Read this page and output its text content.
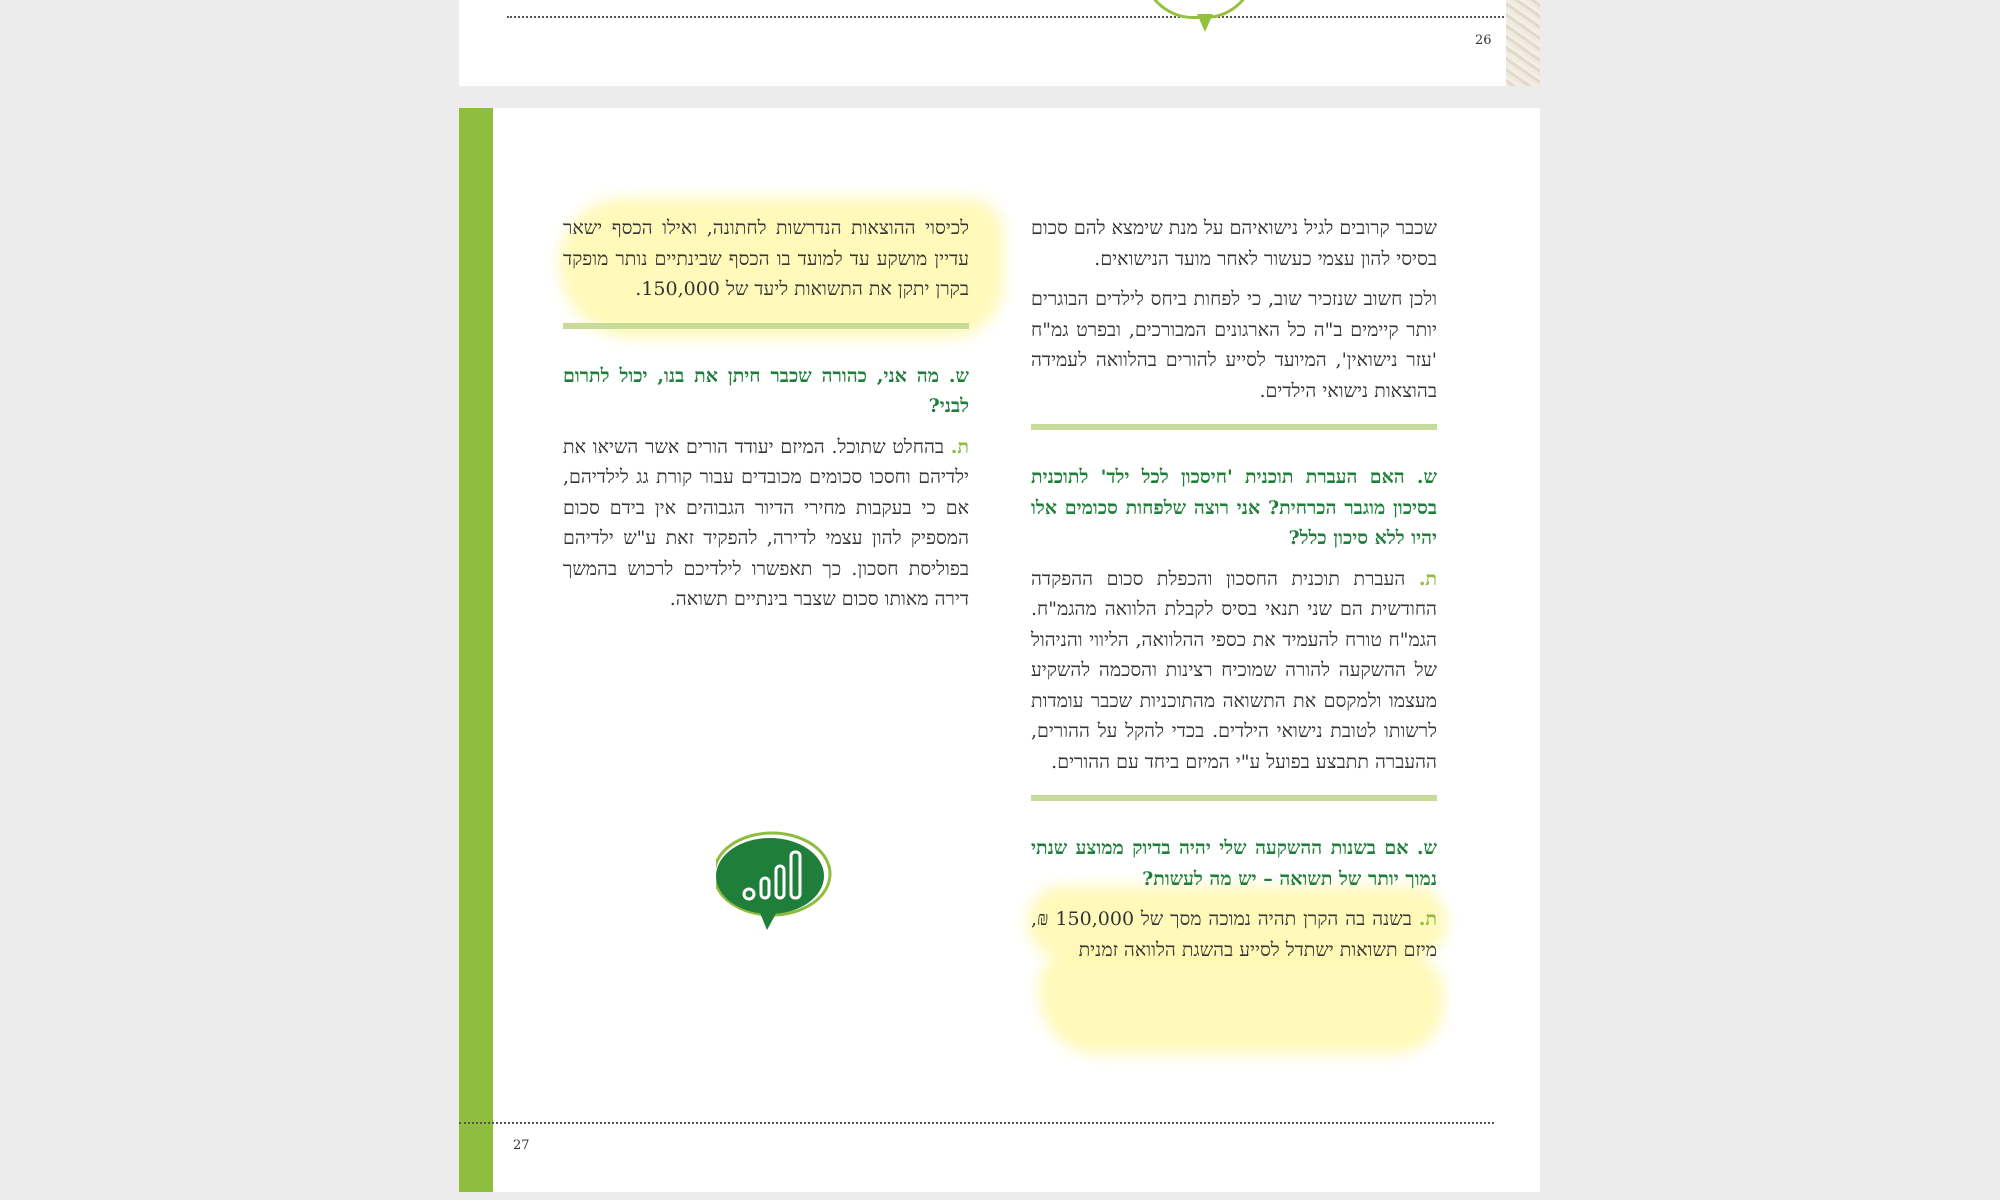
26

שכבר קרובים לגיל נישואיהם על מנת שימצא להם סכום בסיסי להון עצמי כעשור לאחר מועד הנישואים.

ולכן חשוב שנזכיר שוב, כי לפחות ביחס לילדים הבוגרים יותר קיימים ב"ה כל הארגונים המבורכים, ובפרט גמ"ח 'עזר נישואין', המיועד לסייע להורים בהלוואה לעמידה בהוצאות נישואי הילדים.

ש. האם העברת תוכנית 'חיסכון לכל ילד' לתוכנית בסיכון מוגבר הכרחית? אני רוצה שלפחות סכומים אלו יהיו ללא סיכון כלל?

ת. העברת תוכנית החסכון והכפלת סכום ההפקדה החודשית הם שני תנאי בסיס לקבלת הלוואה מהגמ"ח. הגמ"ח טורח להעמיד את כספי ההלוואה, הליווי והניהול של ההשקעה להורה שמוכיח רצינות והסכמה להשקיע מעצמו ולמקסם את התשואה מהתוכניות שכבר עומדות לרשותו לטובת נישואי הילדים. בכדי להקל על ההורים, ההעברה תתבצע בפועל ע"י המיזם ביחד עם ההורים.

ש. אם בשנות ההשקעה שלי יהיה בדיוק ממוצע שנתי נמוך יותר של תשואה – יש מה לעשות?

ת. בשנה בה הקרן תהיה נמוכה מסך של 150,000 ₪, מיזם תשואות ישתדל לסייע בהשגת הלוואה זמנית

לכיסוי ההוצאות הנדרשות לחתונה, ואילו הכסף ישאר עדיין מושקע עד למועד בו הכסף שבינתיים נותר מופקד בקרן יתקן את התשואות ליעד של 150,000.

ש. מה אני, כהורה שכבר חיתן את בנו, יכול לתרום לבני?

ת. בהחלט שתוכל. המיזם יעודד הורים אשר השיאו את ילדיהם וחסכו סכומים מכובדים עבור קורת גג לילדיהם, אם כי בעקבות מחירי הדיור הגבוהים אין בידם סכום המספיק להון עצמי לדירה, להפקיד זאת ע"ש ילדיהם בפוליסת חסכון. כך תאפשרו לילדיכם לרכוש בהמשך דירה מאותו סכום שצבר בינתיים תשואה.

27
